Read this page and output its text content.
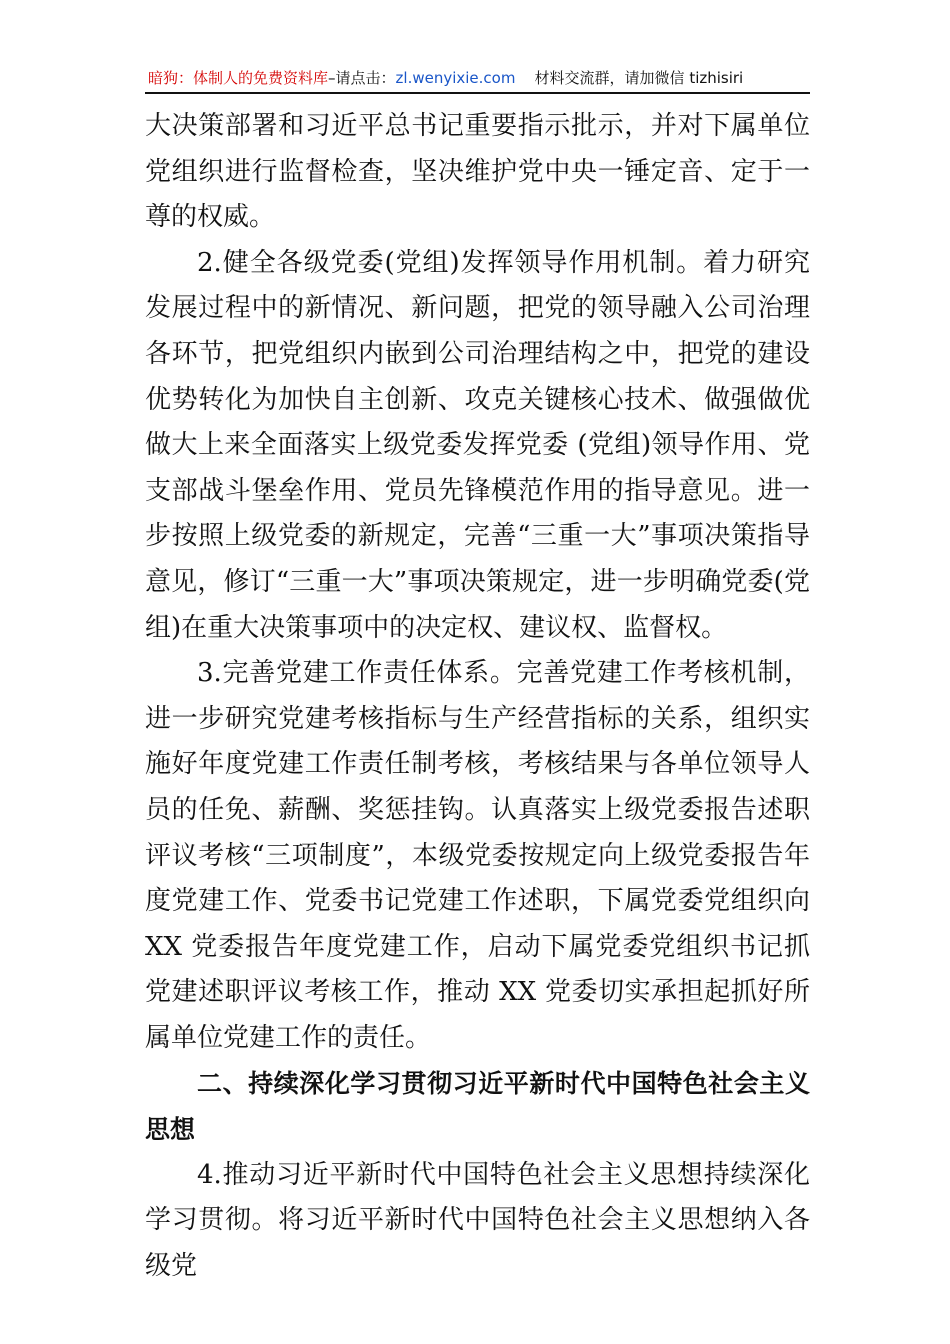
暗狗：体制人的免费资料库–请点击：zl.wenyixie.com 材料交流群，请加微信 tizhisiri

大决策部署和习近平总书记重要指示批示，并对下属单位党组织进行监督检查，坚决维护党中央一锤定音、定于一尊的权威。

2.健全各级党委(党组)发挥领导作用机制。着力研究发展过程中的新情况、新问题，把党的领导融入公司治理各环节，把党组织内嵌到公司治理结构之中，把党的建设优势转化为加快自主创新、攻克关键核心技术、做强做优做大上来全面落实上级党委发挥党委 (党组)领导作用、党支部战斗堡垒作用、党员先锋模范作用的指导意见。进一步按照上级党委的新规定，完善“三重一大”事项决策指导意见，修订“三重一大”事项决策规定，进一步明确党委(党组)在重大决策事项中的决定权、建议权、监督权。

3.完善党建工作责任体系。完善党建工作考核机制，进一步研究党建考核指标与生产经营指标的关系，组织实施好年度党建工作责任制考核，考核结果与各单位领导人员的任免、薪酬、奖惩挂钩。认真落实上级党委报告述职评议考核“三项制度”，本级党委按规定向上级党委报告年度党建工作、党委书记党建工作述职，下属党委党组织向 XX 党委报告年度党建工作，启动下属党委党组织书记抓党建述职评议考核工作，推动 XX 党委切实承担起抓好所属单位党建工作的责任。

二、持续深化学习贯彻习近平新时代中国特色社会主义思想

4.推动习近平新时代中国特色社会主义思想持续深化学习贯彻。将习近平新时代中国特色社会主义思想纳入各级党
